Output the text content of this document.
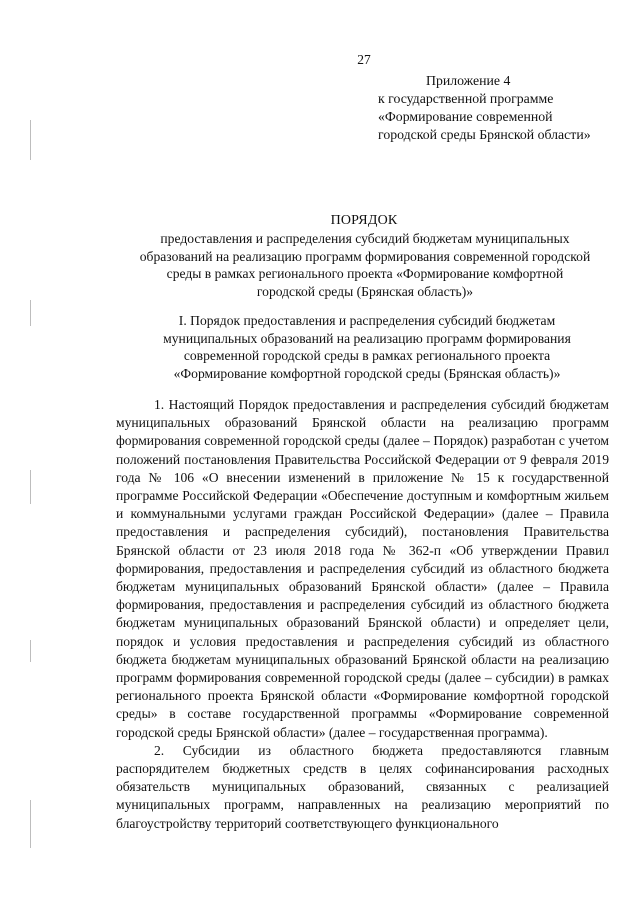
27
Приложение 4
к государственной программе
«Формирование современной
городской среды Брянской области»
ПОРЯДОК
предоставления и распределения субсидий бюджетам муниципальных
образований на реализацию программ формирования современной городской
среды в рамках регионального проекта «Формирование комфортной
городской среды (Брянская область)»
I. Порядок предоставления и распределения субсидий бюджетам
муниципальных образований на реализацию программ формирования
современной городской среды в рамках регионального проекта
«Формирование комфортной городской среды (Брянская область)»

1. Настоящий Порядок предоставления и распределения субсидий бюджетам муниципальных образований Брянской области на реализацию программ формирования современной городской среды (далее – Порядок) разработан с учетом положений постановления Правительства Российской Федерации от 9 февраля 2019 года № 106 «О внесении изменений в приложение № 15 к государственной программе Российской Федерации «Обеспечение доступным и комфортным жильем и коммунальными услугами граждан Российской Федерации» (далее – Правила предоставления и распределения субсидий), постановления Правительства Брянской области от 23 июля 2018 года № 362-п «Об утверждении Правил формирования, предоставления и распределения субсидий из областного бюджета бюджетам муниципальных образований Брянской области» (далее – Правила формирования, предоставления и распределения субсидий из областного бюджета бюджетам муниципальных образований Брянской области) и определяет цели, порядок и условия предоставления и распределения субсидий из областного бюджета бюджетам муниципальных образований Брянской области на реализацию программ формирования современной городской среды (далее – субсидии) в рамках регионального проекта Брянской области «Формирование комфортной городской среды» в составе государственной программы «Формирование современной городской среды Брянской области» (далее – государственная программа).

2. Субсидии из областного бюджета предоставляются главным распорядителем бюджетных средств в целях софинансирования расходных обязательств муниципальных образований, связанных с реализацией муниципальных программ, направленных на реализацию мероприятий по благоустройству территорий соответствующего функционального
